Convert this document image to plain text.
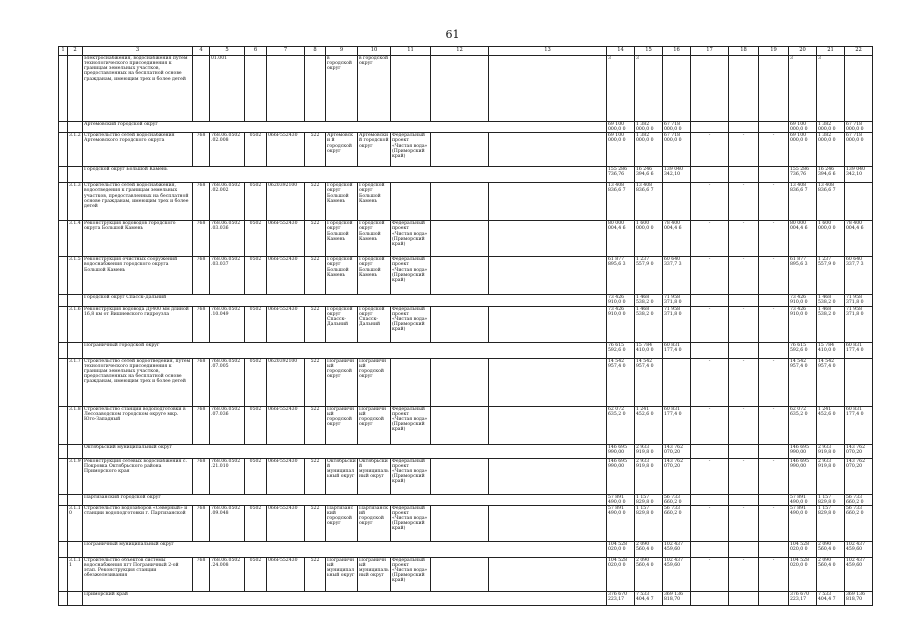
61
1	2	3	4	5	6	7	8	9	10	11	12	13	14	15	16	17	18	19	20	21	22
		электроснабжения, водоснабжения путем технологического присоединения к границам земельных участков, предоставленных на бесплатной основе гражданам, имеющим трех и более детей		01.001				в городской округ	в городской округ				3	3					3	3	
		Артемовский городской округ											69 100 000,0 0	1 382 000,0 0	67 718 000,0 0				69 100 000,0 0	1 382 000,0 0	67 718 000,0 0
	3.1.2	Строительство сетей водоснабжения Артемовского городского округа	768	768.06.0502 .02.008	0502	066F552430	522	Артемовски й городской округ	Артемовски й городской округ	Федеральный проект «Чистая вода» (Приморский край)			69 100 000,0 0	1 382 000,0 0	67 718 000,0 0	-	-	-	69 100 000,0 0	1 382 000,0 0	67 718 000,0 0
		Городской округ Большой Камень											155 286 736,76	16 246 394,6 6	139 040 342,10				155 286 736,76	16 246 394,6 6	139 040 342,10
	3.1.3	Строительство сетей водоснабжения, водоотведения к границам земельных участков, предоставленных на бесплатной основе гражданам, имеющим трех и более детей	768	768.06.0502 .02.002	0502	0620392100	522	Городской округ Большой Камень	Городской округ Большой Камень				13 408 836,6 7	13 408 836,6 7		-	-	-	13 408 836,6 7	13 408 836,6 7	
	3.1.4	Реконструкция водоводов городского округа Большой Камень	768	768.06.0502 .03.036	0502	066F552430	522	Городской округ Большой Камень	Городской округ Большой Камень	Федеральный проект «Чистая вода» (Приморский край)			80 000 004,4 6	1 600 000,0 0	78 400 004,4 6	-	-	-	80 000 004,4 6	1 600 000,0 0	78 400 004,4 6
	3.1.5	Реконструкция очистных сооружений водоснабжения городского округа Большой Камень	768	768.06.0502 .03.037	0502	066F552430	522	Городской округ Большой Камень	Городской округ Большой Камень	Федеральный проект «Чистая вода» (Приморский край)			61 877 895,6 3	1 237 557,9 0	60 640 337,7 3	-	-	-	61 877 895,6 3	1 237 557,9 0	60 640 337,7 3
		Городской округ Спасск-Дальний											73 426 910,0 0	1 468 538,2 0	71 958 371,8 0				73 426 910,0 0	1 468 538,2 0	71 958 371,8 0
	3.1.6	Реконструкция водовода Ду400 мм длиной 16,8 км от Вишневского гидроузла	768	768.06.0502 .10.049	0502	066F552430	522	Городской округ Спасск-Дальний	Городской округ Спасск-Дальний	Федеральный проект «Чистая вода» (Приморский край)			73 426 910,0 0	1 468 538,2 0	71 958 371,8 0	-	-	-	73 426 910,0 0	1 468 538,2 0	71 958 371,8 0
		Пограничный городской округ											76 615 592,6 0	15 784 410,0 0	60 831 177,4 0				76 615 592,6 0	15 784 410,0 0	60 831 177,4 0
	3.1.7	Строительство сетей водоотведения, путем технологического присоединения к границам земельных участков, предоставленных на бесплатной основе гражданам, имеющим трех и более детей	768	768.06.0502 .07.005	0502	0620392100	522	Пограничный городской округ	Пограничный городской округ				14 542 957,4 0	14 542 957,4 0		-	-	-	14 542 957,4 0	14 542 957,4 0	
	3.1.8	Строительство станции водоподготовки в Лесозаводском городском округе мкр. Юго-Западный	768	768.06.0502 .07.036	0502	066F552430	522	Пограничный городской округ	Пограничный городской округ	Федеральный проект «Чистая вода» (Приморский край)			62 072 635,2 0	1 241 452,6 0	60 831 177,4 0	-	-	-	62 072 635,2 0	1 241 452,6 0	60 831 177,4 0
		Октябрьский муниципальный округ											146 695 990,00	2 933 919,8 0	143 762 070,20				146 695 990,00	2 933 919,8 0	143 762 070,20
	3.1.9	Реконструкция сетевых водоснабжения с. Покровка Октябрьского района Приморского края	768	768.06.0502 .21.010	0502	066F552430	522	Октябрьский муниципальный округ	Октябрьский муниципальный округ	Федеральный проект «Чистая вода» (Приморский край)			146 695 990,00	2 933 919,8 0	143 762 070,20	-	-	-	146 695 990,00	2 933 919,8 0	143 762 070,20
		Партизанский городской округ											57 891 490,0 0	1 157 829,8 0	56 733 660,2 0				57 891 490,0 0	1 157 829,8 0	56 733 660,2 0
	3.1.10	Строительство водозаборов «Северный» и станции водоподготовки г. Партизанской	768	768.06.0502 .09.048	0502	066F552430	522	Партизанский городской округ	Партизанский городской округ	Федеральный проект «Чистая вода» (Приморский край)			57 891 490,0 0	1 157 829,8 0	56 733 660,2 0	-	-	-	57 891 490,0 0	1 157 829,8 0	56 733 660,2 0
		Пограничный муниципальный округ											104 528 020,0 0	2 090 560,4 0	102 437 459,60				104 528 020,0 0	2 090 560,4 0	102 437 459,60
	3.1.11	Строительство объектов системы водоснабжения пгт Пограничный 2-ой этап. Реконструкция станции обезжелезивания	768	768.06.0502 .24.008	0502	066F552430	522	Пограничный муниципальный округ	Пограничный муниципальный округ	Федеральный проект «Чистая вода» (Приморский край)			104 528 020,0 0	2 090 560,4 0	102 437 459,60	-	-	-	104 528 020,0 0	2 090 560,4 0	102 437 459,60
		Приморский край											376 670 223,17	7 533 404,4 7	369 136 818,70				376 670 223,17	7 533 404,4 7	369 136 818,70
